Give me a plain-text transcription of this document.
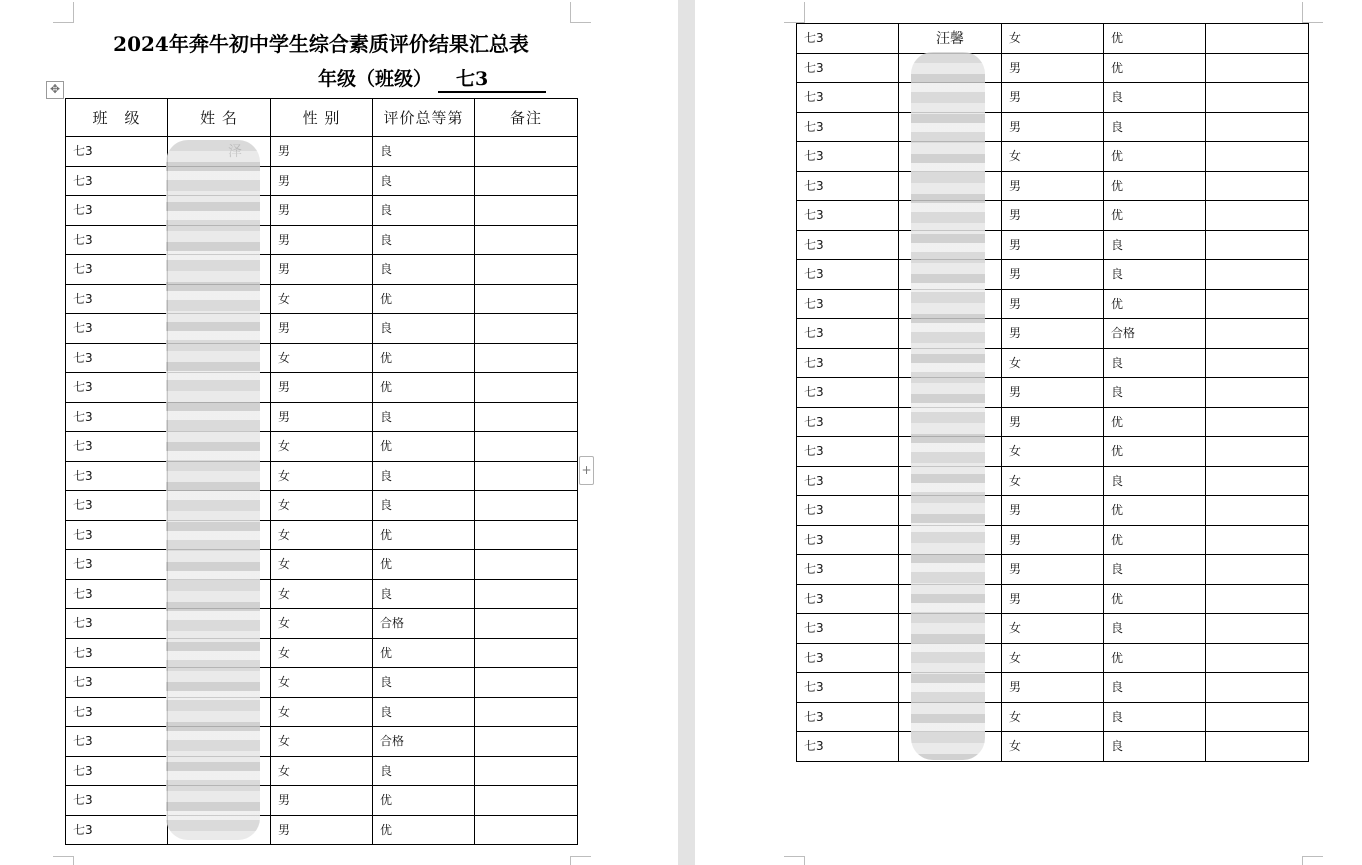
2024年奔牛初中学生综合素质评价结果汇总表
年级（班级） 七3
✥
班　级	姓 名	性 别	评价总等第	备注

七3		男	良	

七3		男	良	

七3		男	良	

七3		男	良	

七3		男	良	

七3		女	优	

七3		男	良	

七3		女	优	

七3		男	优	

七3		男	良	

七3		女	优	

七3		女	良	

七3		女	良	

七3		女	优	

七3		女	优	

七3		女	良	

七3		女	合格	

七3		女	优	

七3		女	良	

七3		女	良	

七3		女	合格	

七3		女	良	

七3		男	优	

七3		男	优	

+
七3	汪馨	女	优	

七3		男	优	

七3		男	良	

七3		男	良	

七3		女	优	

七3		男	优	

七3		男	优	

七3		男	良	

七3		男	良	

七3		男	优	

七3		男	合格	

七3		女	良	

七3		男	良	

七3		男	优	

七3		女	优	

七3		女	良	

七3		男	优	

七3		男	优	

七3		男	良	

七3		男	优	

七3		女	良	

七3		女	优	

七3		男	良	

七3		女	良	

七3		女	良	
